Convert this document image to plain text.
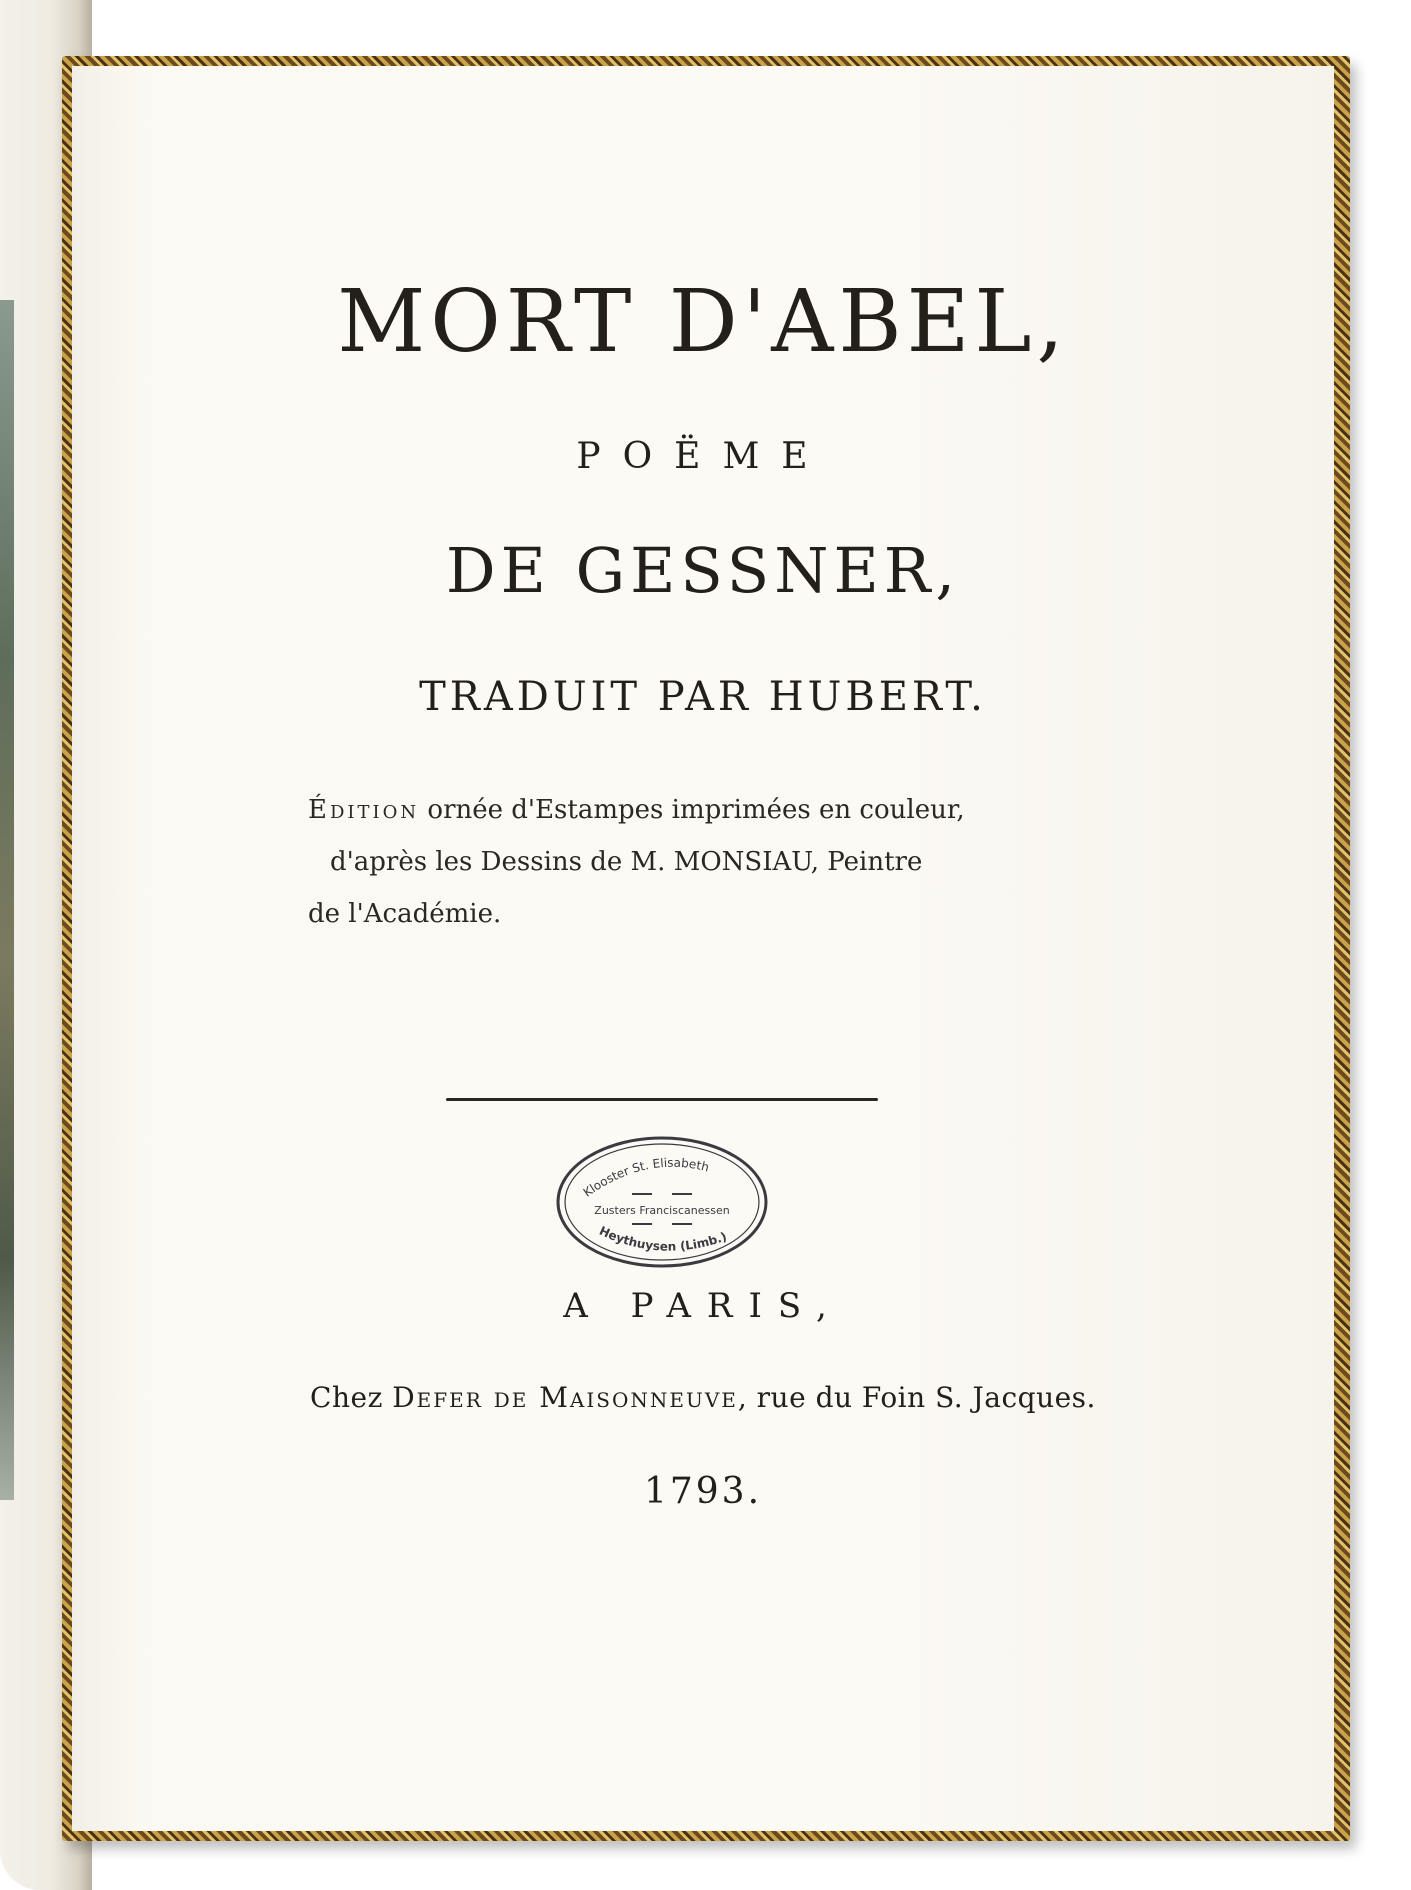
MORT D'ABEL,

POËME

DE GESSNER,

TRADUIT PAR HUBERT.

Édition ornée d'Estampes imprimées en couleur,
d'après les Dessins de M. MONSIAU, Peintre
de l'Académie.

Klooster St. Elisabeth
Zusters Franciscanessen
Heythuysen (Limb.)

A PARIS,

Chez Defer de Maisonneuve, rue du Foin S. Jacques.

1793.
